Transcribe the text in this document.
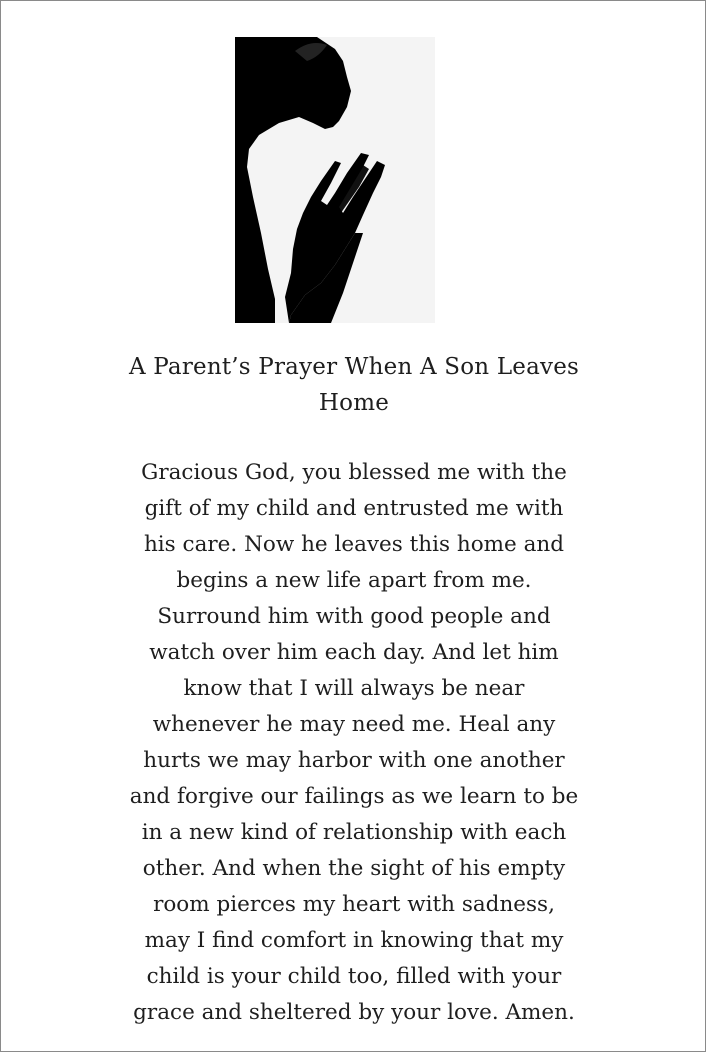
A Parent’s Prayer When A Son Leaves
Home
Gracious God, you blessed me with the
gift of my child and entrusted me with
his care. Now he leaves this home and
begins a new life apart from me.
Surround him with good people and
watch over him each day. And let him
know that I will always be near
whenever he may need me. Heal any
hurts we may harbor with one another
and forgive our failings as we learn to be
in a new kind of relationship with each
other. And when the sight of his empty
room pierces my heart with sadness,
may I find comfort in knowing that my
child is your child too, filled with your
grace and sheltered by your love. Amen.
